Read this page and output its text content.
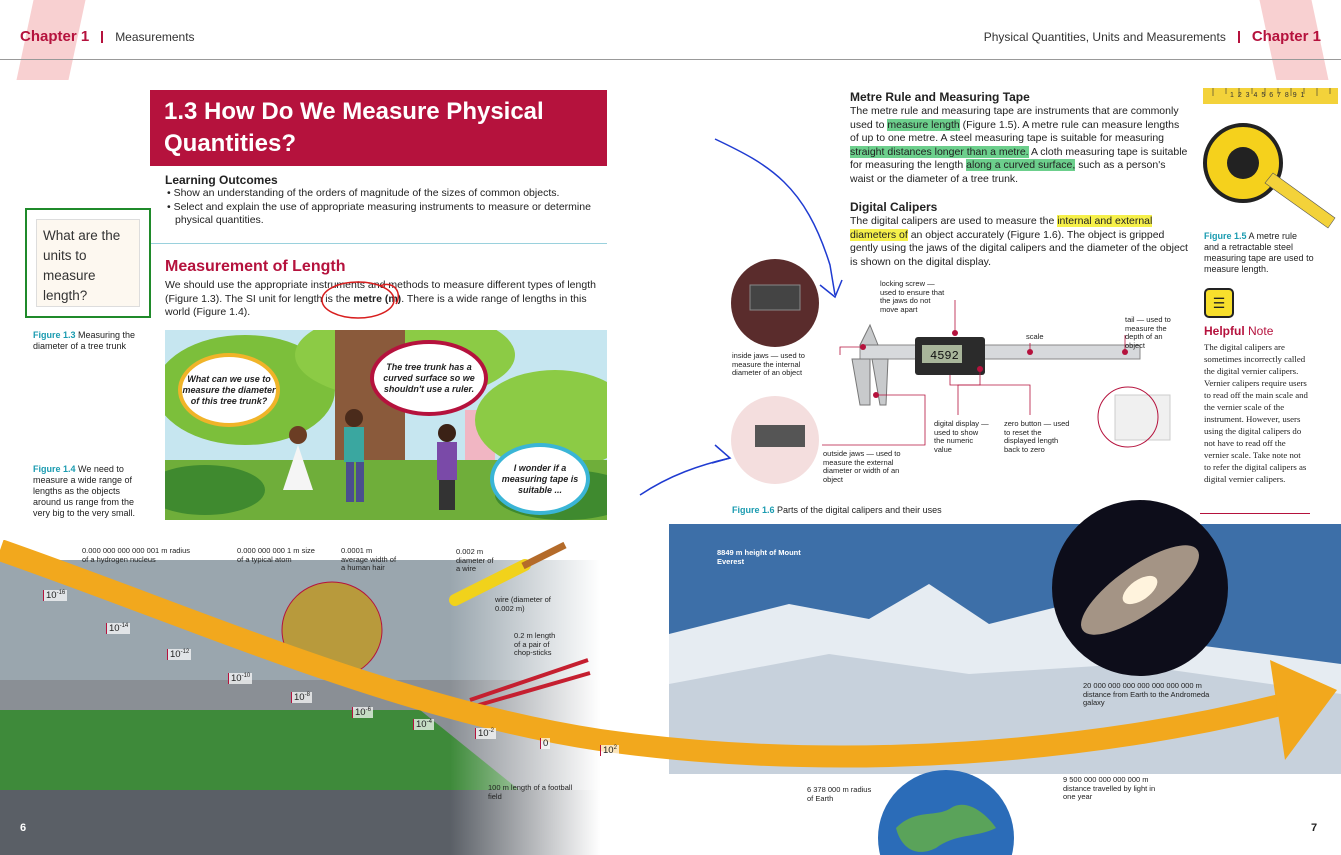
Chapter 1 Measurements	Physical Quantities, Units and Measurements Chapter 1
1.3 How Do We Measure Physical Quantities?
Learning Outcomes
• Show an understanding of the orders of magnitude of the sizes of common objects.
• Select and explain the use of appropriate measuring instruments to measure or determine physical quantities.
What are the units to measure length?
Measurement of Length
We should use the appropriate instruments and methods to measure different types of length (Figure 1.3). The SI unit for length is the metre (m). There is a wide range of lengths in this world (Figure 1.4).
Figure 1.3 Measuring the diameter of a tree trunk
Figure 1.4 We need to measure a wide range of lengths as the objects around us range from the very big to the very small.
What can we use to measure the diameter of this tree trunk?
The tree trunk has a curved surface so we shouldn't use a ruler.
I wonder if a measuring tape is suitable ...
Metre Rule and Measuring Tape
The metre rule and measuring tape are instruments that are commonly used to measure length (Figure 1.5). A metre rule can measure lengths of up to one metre. A steel measuring tape is suitable for measuring straight distances longer than a metre. A cloth measuring tape is suitable for measuring the length along a curved surface, such as a person's waist or the diameter of a tree trunk.
Digital Calipers
The digital calipers are used to measure the internal and external diameters of an object accurately (Figure 1.6). The object is gripped gently using the jaws of the digital calipers and the diameter of the object is shown on the digital display.
1 2 3 4 5 6 7 8 9 1
Figure 1.5 A metre rule and a retractable steel measuring tape are used to measure length.
☰
Helpful Note
The digital calipers are sometimes incorrectly called the digital vernier calipers. Vernier calipers require users to read off the main scale and the vernier scale of the instrument. However, users using the digital calipers do not have to read off the vernier scale. Take note not to refer the digital calipers as digital vernier calipers.
4592
locking screw — used to ensure that the jaws do not move apart
inside jaws — used to measure the internal diameter of an object
scale
tail — used to measure the depth of an object
outside jaws — used to measure the external diameter or width of an object
digital display — used to show the numeric value
zero button — used to reset the displayed length back to zero
Figure 1.6 Parts of the digital calipers and their uses
$10^{-16}$
$10^{-14}$
$10^{-12}$
$10^{-10}$
$10^{-8}$
$10^{-6}$
$10^{-4}$
$10^{-2}$
0
$10^2$
0.000 000 000 000 001 m radius of a hydrogen nucleus
0.000 000 000 1 m size of a typical atom
0.0001 m average width of a human hair
0.002 m diameter of a wire
wire (diameter of 0.002 m)
0.2 m length of a pair of chop-sticks
100 m length of a football field
8849 m height of Mount Everest
6 378 000 m radius of Earth
9 500 000 000 000 000 m distance travelled by light in one year
20 000 000 000 000 000 000 000 m distance from Earth to the Andromeda galaxy
6	7
